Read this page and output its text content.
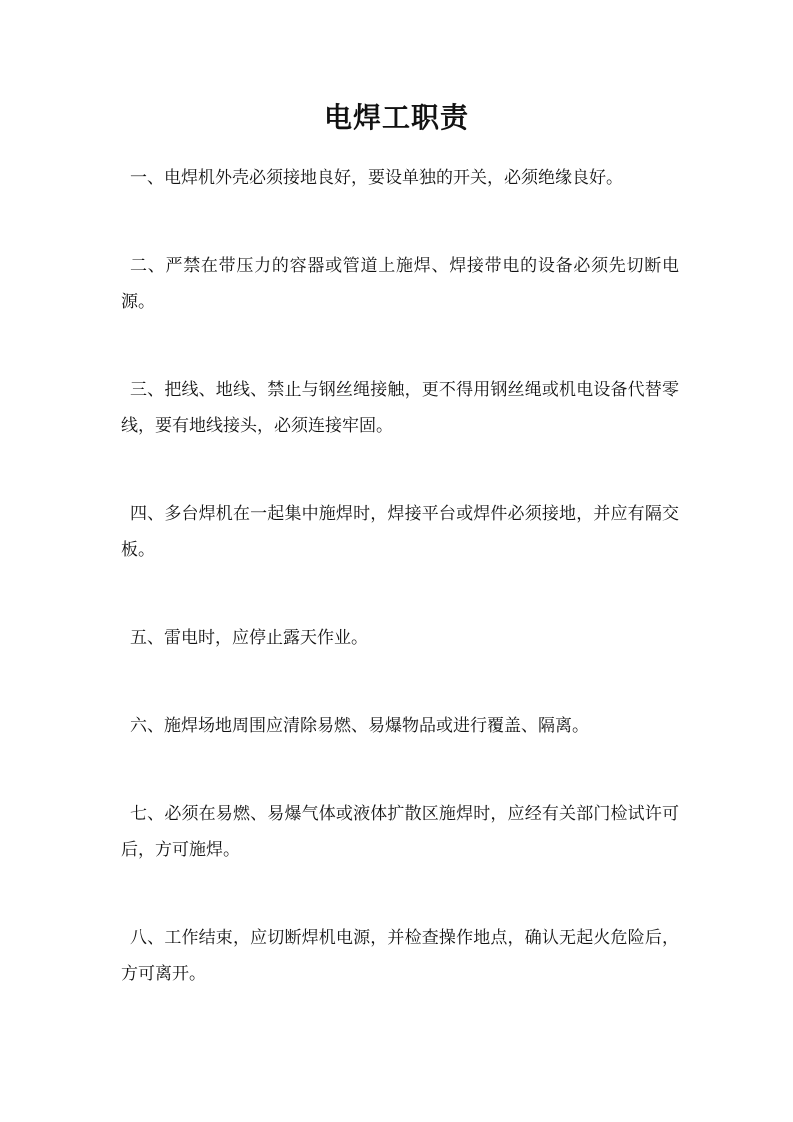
电焊工职责

一、电焊机外壳必须接地良好，要设单独的开关，必须绝缘良好。

二、严禁在带压力的容器或管道上施焊、焊接带电的设备必须先切断电源。

三、把线、地线、禁止与钢丝绳接触，更不得用钢丝绳或机电设备代替零线，要有地线接头，必须连接牢固。

四、多台焊机在一起集中施焊时，焊接平台或焊件必须接地，并应有隔交板。

五、雷电时，应停止露天作业。

六、施焊场地周围应清除易燃、易爆物品或进行覆盖、隔离。

七、必须在易燃、易爆气体或液体扩散区施焊时，应经有关部门检试许可后，方可施焊。

八、工作结束，应切断焊机电源，并检查操作地点，确认无起火危险后，方可离开。
